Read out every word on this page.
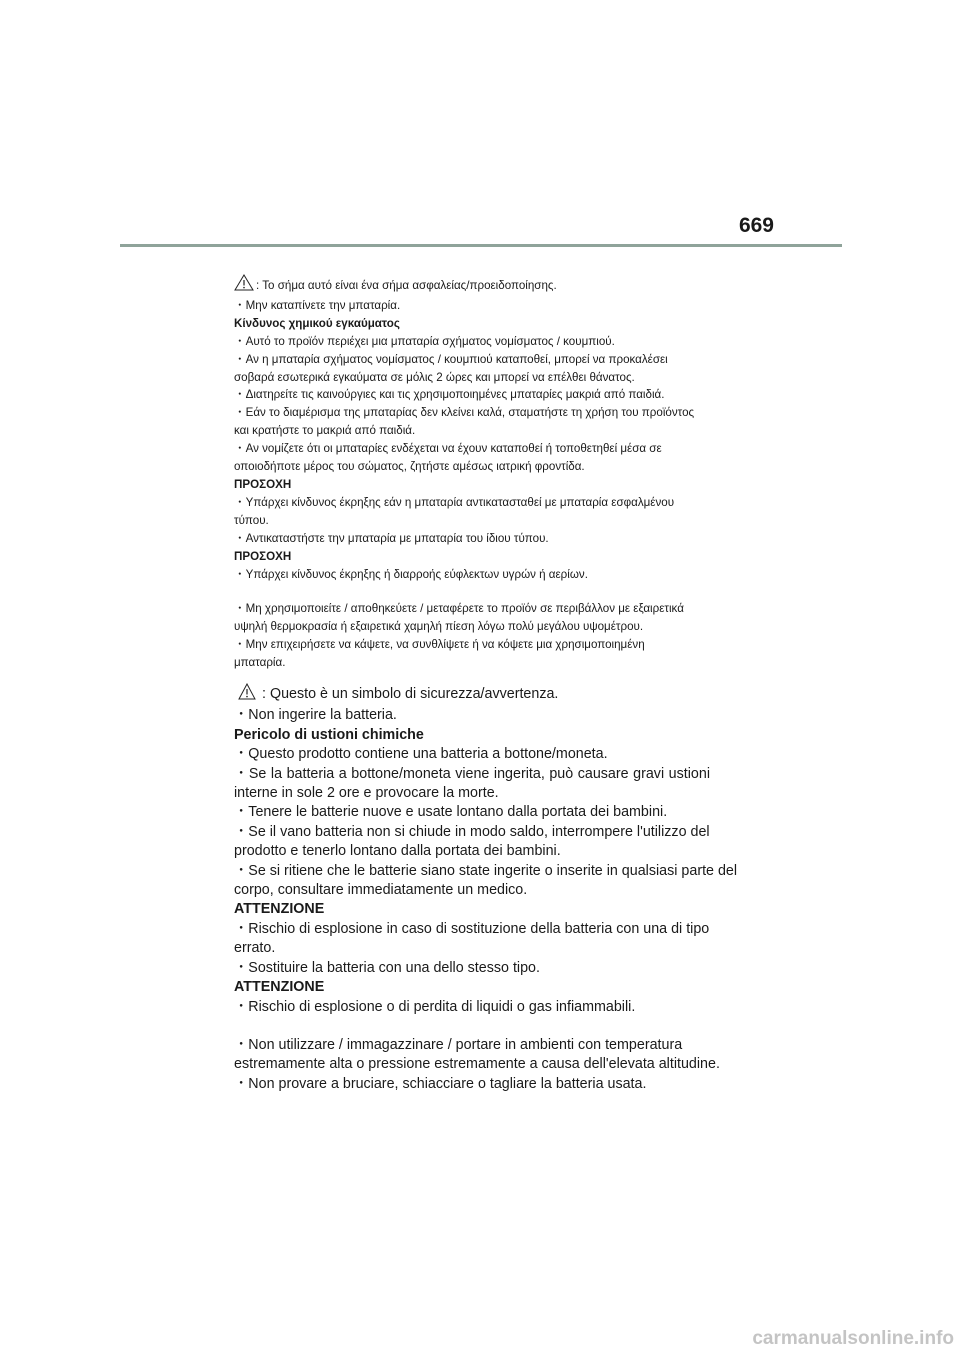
669
: Το σήμα αυτό είναι ένα σήμα ασφαλείας/προειδοποίησης.
・Μην καταπίνετε την μπαταρία.
Κίνδυνος χημικού εγκαύματος
・Αυτό το προϊόν περιέχει μια μπαταρία σχήματος νομίσματος / κουμπιού.
・Αν η μπαταρία σχήματος νομίσματος / κουμπιού καταποθεί, μπορεί να προκαλέσει
σοβαρά εσωτερικά εγκαύματα σε μόλις 2 ώρες και μπορεί να επέλθει θάνατος.
・Διατηρείτε τις καινούργιες και τις χρησιμοποιημένες μπαταρίες μακριά από παιδιά.
・Εάν το διαμέρισμα της μπαταρίας δεν κλείνει καλά, σταματήστε τη χρήση του προϊόντος
και κρατήστε το μακριά από παιδιά.
・Αν νομίζετε ότι οι μπαταρίες ενδέχεται να έχουν καταποθεί ή τοποθετηθεί μέσα σε
οποιοδήποτε μέρος του σώματος, ζητήστε αμέσως ιατρική φροντίδα.
ΠΡΟΣΟΧΗ
・Υπάρχει κίνδυνος έκρηξης εάν η μπαταρία αντικατασταθεί με μπαταρία εσφαλμένου
τύπου.
・Αντικαταστήστε την μπαταρία με μπαταρία του ίδιου τύπου.
ΠΡΟΣΟΧΗ
・Υπάρχει κίνδυνος έκρηξης ή διαρροής εύφλεκτων υγρών ή αερίων.
・Μη χρησιμοποιείτε / αποθηκεύετε / μεταφέρετε το προϊόν σε περιβάλλον με εξαιρετικά
υψηλή θερμοκρασία ή εξαιρετικά χαμηλή πίεση λόγω πολύ μεγάλου υψομέτρου.
・Μην επιχειρήσετε να κάψετε, να συνθλίψετε ή να κόψετε μια χρησιμοποιημένη
μπαταρία.
: Questo è un simbolo di sicurezza/avvertenza.
・Non ingerire la batteria.
Pericolo di ustioni chimiche
・Questo prodotto contiene una batteria a bottone/moneta.
・Se la batteria a bottone/moneta viene ingerita, può causare gravi ustioni
interne in sole 2 ore e provocare la morte.
・Tenere le batterie nuove e usate lontano dalla portata dei bambini.
・Se il vano batteria non si chiude in modo saldo, interrompere l'utilizzo del
prodotto e tenerlo lontano dalla portata dei bambini.
・Se si ritiene che le batterie siano state ingerite o inserite in qualsiasi parte del
corpo, consultare immediatamente un medico.
ATTENZIONE
・Rischio di esplosione in caso di sostituzione della batteria con una di tipo
errato.
・Sostituire la batteria con una dello stesso tipo.
ATTENZIONE
・Rischio di esplosione o di perdita di liquidi o gas infiammabili.
・Non utilizzare / immagazzinare / portare in ambienti con temperatura
estremamente alta o pressione estremamente a causa dell'elevata altitudine.
・Non provare a bruciare, schiacciare o tagliare la batteria usata.
carmanualsonline.info
